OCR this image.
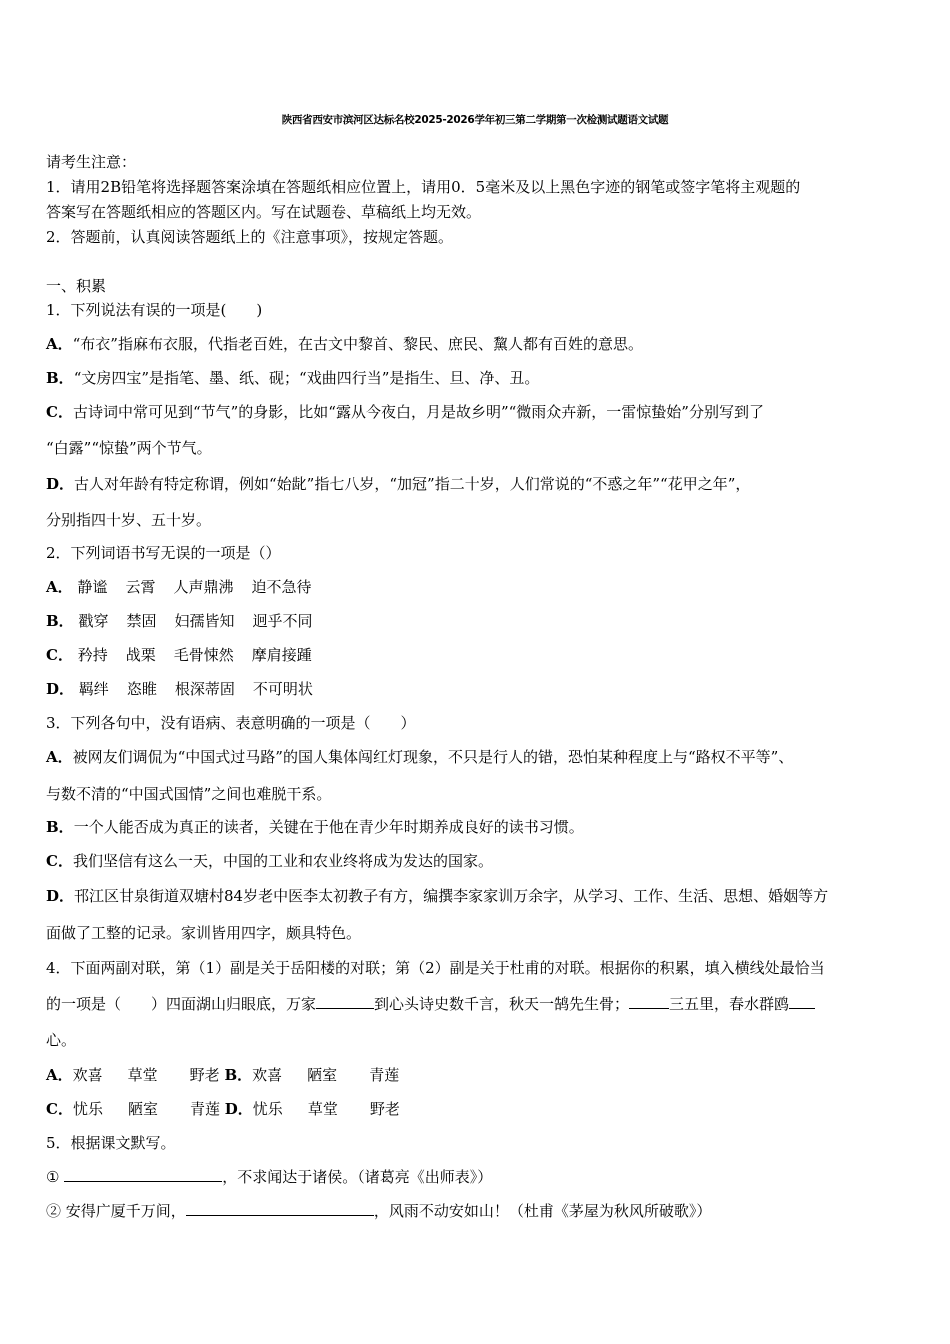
陕西省西安市滨河区达标名校2025-2026学年初三第二学期第一次检测试题语文试题
请考生注意：
1．请用2B铅笔将选择题答案涂填在答题纸相应位置上，请用0．5毫米及以上黑色字迹的钢笔或签字笔将主观题的
答案写在答题纸相应的答题区内。写在试题卷、草稿纸上均无效。
2．答题前，认真阅读答题纸上的《注意事项》，按规定答题。
一、积累
1．下列说法有误的一项是(　　)
A．“布衣”指麻布衣服，代指老百姓，在古文中黎首、黎民、庶民、黧人都有百姓的意思。
B．“文房四宝”是指笔、墨、纸、砚；“戏曲四行当”是指生、旦、净、丑。
C．古诗词中常可见到“节气”的身影，比如“露从今夜白，月是故乡明”“微雨众卉新，一雷惊蛰始”分别写到了
“白露”“惊蛰”两个节气。
D．古人对年龄有特定称谓，例如“始龀”指七八岁，“加冠”指二十岁，人们常说的“不惑之年”“花甲之年”，
分别指四十岁、五十岁。
2．下列词语书写无误的一项是（）
A． 静谧 云霄 人声鼎沸 迫不急待
B． 戳穿 禁固 妇孺皆知 迥乎不同
C． 矜持 战栗 毛骨悚然 摩肩接踵
D． 羁绊 恣睢 根深蒂固 不可明状
3．下列各句中，没有语病、表意明确的一项是（　　）
A．被网友们调侃为“中国式过马路”的国人集体闯红灯现象，不只是行人的错，恐怕某种程度上与“路权不平等”、
与数不清的“中国式国情”之间也难脱干系。
B．一个人能否成为真正的读者，关键在于他在青少年时期养成良好的读书习惯。
C．我们坚信有这么一天，中国的工业和农业终将成为发达的国家。
D．邗江区甘泉街道双塘村84岁老中医李太初教子有方，编撰李家家训万余字，从学习、工作、生活、思想、婚姻等方
面做了工整的记录。家训皆用四字，颇具特色。
4．下面两副对联，第（1）副是关于岳阳楼的对联；第（2）副是关于杜甫的对联。根据你的积累，填入横线处最恰当
的一项是（　　）四面湖山归眼底，万家	到心头诗史数千言，秋天一鹄先生骨；	三五里，春水群鸥
心。
A．欢喜 草堂 野老 B．欢喜 陋室 青莲
C．忧乐 陋室 青莲 D．忧乐 草堂 野老
5．根据课文默写。
①	，不求闻达于诸侯。（诸葛亮《出师表》）
② 安得广厦千万间，	，风雨不动安如山！（杜甫《茅屋为秋风所破歌》）
